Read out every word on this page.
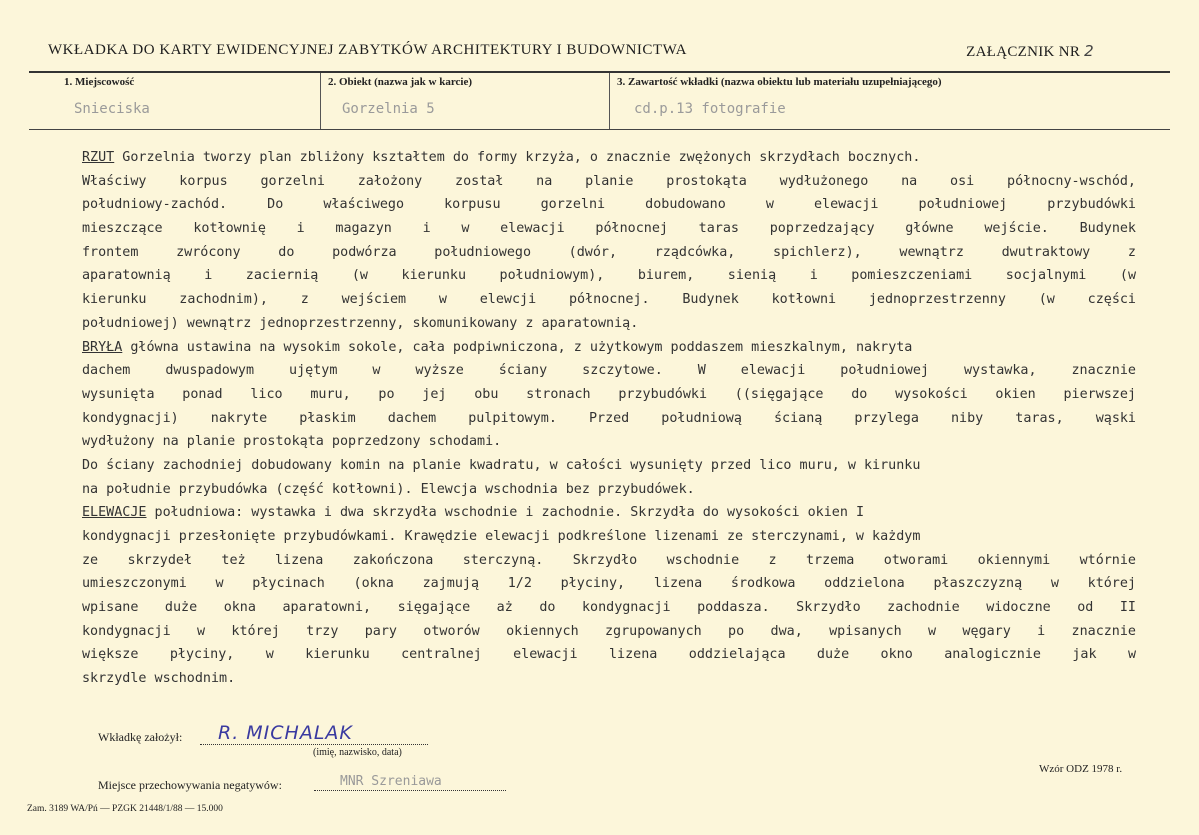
WKŁADKA DO KARTY EWIDENCYJNEJ ZABYTKÓW ARCHITEKTURY I BUDOWNICTWA	ZAŁĄCZNIK NR 2
1. Miejscowość
Snieciska
2. Obiekt (nazwa jak w karcie)
Gorzelnia 5
3. Zawartość wkładki (nazwa obiektu lub materiału uzupełniającego)
cd.p.13 fotografie
RZUT Gorzelnia tworzy plan zbliżony kształtem do formy krzyża, o znacznie zwężonych skrzydłach bocznych.
Właściwy korpus gorzelni założony został na planie prostokąta wydłużonego na osi północny-wschód,
południowy-zachód. Do właściwego korpusu gorzelni dobudowano w elewacji południowej przybudówki
mieszczące kotłownię i magazyn i w elewacji północnej taras poprzedzający główne wejście. Budynek
frontem zwrócony do podwórza południowego (dwór, rządcówka, spichlerz), wewnątrz dwutraktowy z
aparatownią i zaciernią (w kierunku południowym), biurem, sienią i pomieszczeniami socjalnymi (w
kierunku zachodnim), z wejściem w elewcji północnej. Budynek kotłowni jednoprzestrzenny (w części
południowej) wewnątrz jednoprzestrzenny, skomunikowany z aparatownią.
BRYŁA główna ustawina na wysokim sokole, cała podpiwniczona, z użytkowym poddaszem mieszkalnym, nakryta
dachem dwuspadowym ujętym w wyższe ściany szczytowe. W elewacji południowej wystawka, znacznie
wysunięta ponad lico muru, po jej obu stronach przybudówki ((sięgające do wysokości okien pierwszej
kondygnacji) nakryte płaskim dachem pulpitowym. Przed południową ścianą przylega niby taras, wąski
wydłużony na planie prostokąta poprzedzony schodami.
Do ściany zachodniej dobudowany komin na planie kwadratu, w całości wysunięty przed lico muru, w kirunku
na południe przybudówka (część kotłowni). Elewcja wschodnia bez przybudówek.
ELEWACJE południowa: wystawka i dwa skrzydła wschodnie i zachodnie. Skrzydła do wysokości okien I
kondygnacji przesłonięte przybudówkami. Krawędzie elewacji podkreślone lizenami ze sterczynami, w każdym
ze skrzydeł też lizena zakończona sterczyną. Skrzydło wschodnie z trzema otworami okiennymi wtórnie
umieszczonymi w płycinach (okna zajmują 1/2 płyciny, lizena środkowa oddzielona płaszczyzną w której
wpisane duże okna aparatowni, sięgające aż do kondygnacji poddasza. Skrzydło zachodnie widoczne od II
kondygnacji w której trzy pary otworów okiennych zgrupowanych po dwa, wpisanych w węgary i znacznie
większe płyciny, w kierunku centralnej elewacji lizena oddzielająca duże okno analogicznie jak w
skrzydle wschodnim.
Wkładkę założył: R. MICHALAK
(imię, nazwisko, data)
Wzór ODZ 1978 r.
Miejsce przechowywania negatywów:	MNR Szreniawa
Zam. 3189 WA/Pń — PZGK 21448/1/88 — 15.000
